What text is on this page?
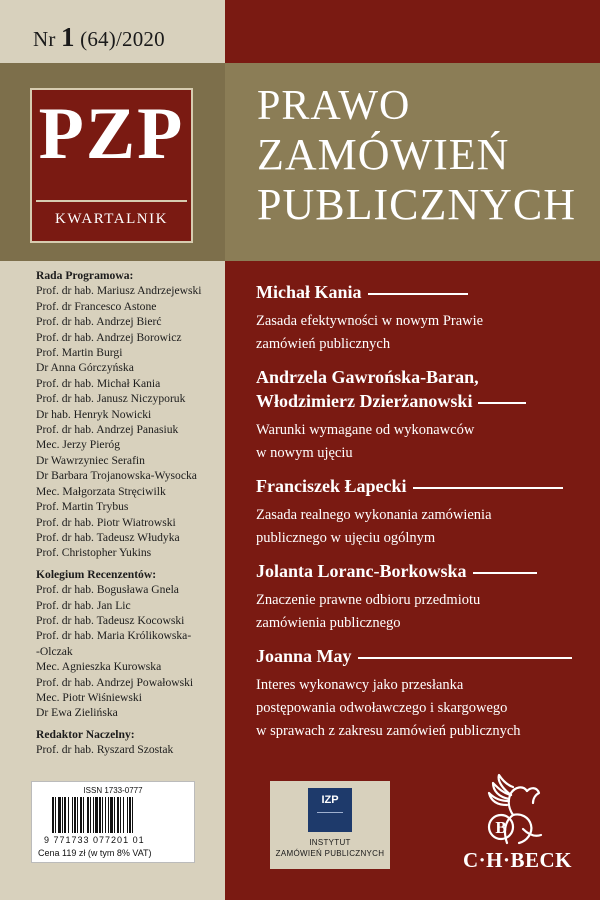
Nr 1 (64)/2020
PZP
KWARTALNIK
PRAWO
ZAMÓWIEŃ
PUBLICZNYCH
Rada Programowa:
Prof. dr hab. Mariusz Andrzejewski
Prof. dr Francesco Astone
Prof. dr hab. Andrzej Bierć
Prof. dr hab. Andrzej Borowicz
Prof. Martin Burgi
Dr Anna Górczyńska
Prof. dr hab. Michał Kania
Prof. dr hab. Janusz Niczyporuk
Dr hab. Henryk Nowicki
Prof. dr hab. Andrzej Panasiuk
Mec. Jerzy Pieróg
Dr Wawrzyniec Serafin
Dr Barbara Trojanowska-Wysocka
Mec. Małgorzata Stręciwilk
Prof. Martin Trybus
Prof. dr hab. Piotr Wiatrowski
Prof. dr hab. Tadeusz Włudyka
Prof. Christopher Yukins
Kolegium Recenzentów:
Prof. dr hab. Bogusława Gnela
Prof. dr hab. Jan Lic
Prof. dr hab. Tadeusz Kocowski
Prof. dr hab. Maria Królikowska-
-Olczak
Mec. Agnieszka Kurowska
Prof. dr hab. Andrzej Powałowski
Mec. Piotr Wiśniewski
Dr Ewa Zielińska
Redaktor Naczelny:
Prof. dr hab. Ryszard Szostak
ISSN 1733-0777
9 771733 077201 01
Cena 119 zł (w tym 8% VAT)
Michał Kania
Zasada efektywności w nowym Prawie
zamówień publicznych
Andrzela Gawrońska-Baran,
Włodzimierz Dzierżanowski
Warunki wymagane od wykonawców
w nowym ujęciu
Franciszek Łapecki
Zasada realnego wykonania zamówienia
publicznego w ujęciu ogólnym
Jolanta Loranc-Borkowska
Znaczenie prawne odbioru przedmiotu
zamówienia publicznego
Joanna May
Interes wykonawcy jako przesłanka
postępowania odwoławczego i skargowego
w sprawach z zakresu zamówień publicznych
IZP
INSTYTUT
ZAMÓWIEŃ PUBLICZNYCH
B
C·H·BECK
